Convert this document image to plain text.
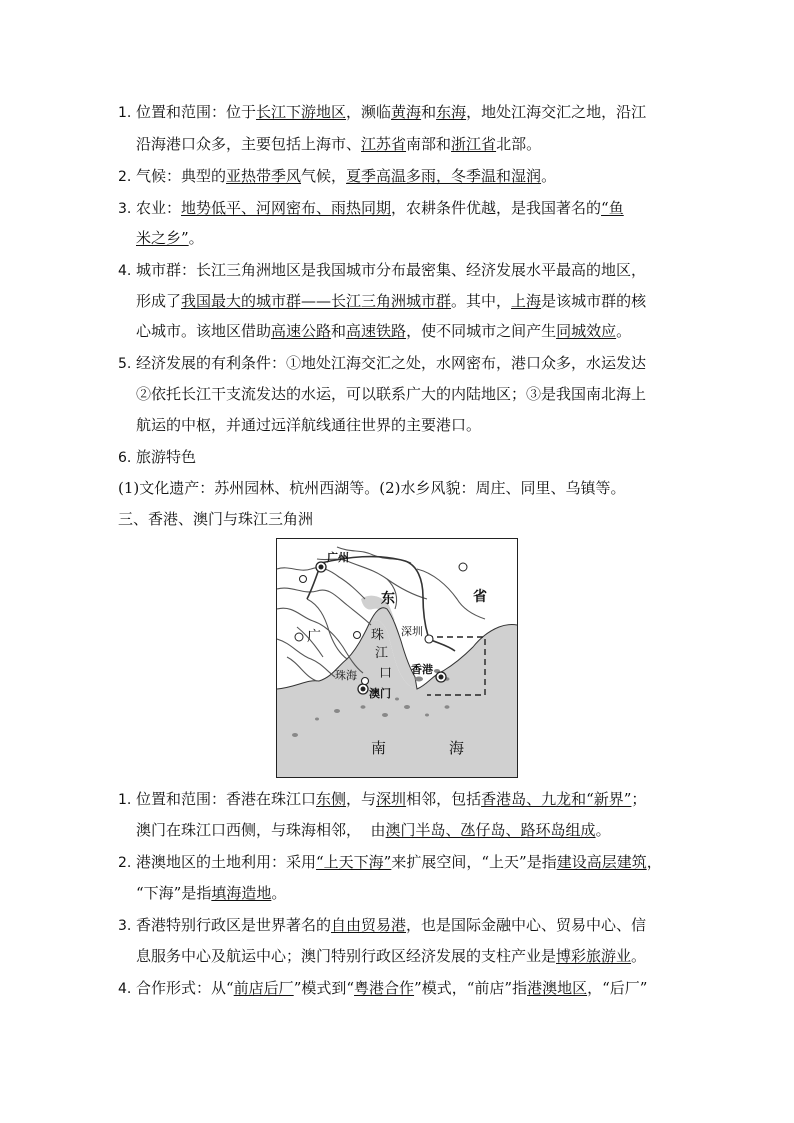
1. 位置和范围：位于长江下游地区，濒临黄海和东海，地处江海交汇之地，沿江
沿海港口众多，主要包括上海市、江苏省南部和浙江省北部。
2. 气候：典型的亚热带季风气候，夏季高温多雨，冬季温和湿润。
3. 农业：地势低平、河网密布、雨热同期，农耕条件优越，是我国著名的“鱼
米之乡”。
4. 城市群：长江三角洲地区是我国城市分布最密集、经济发展水平最高的地区，
形成了我国最大的城市群——长江三角洲城市群。其中，上海是该城市群的核
心城市。该地区借助高速公路和高速铁路，使不同城市之间产生同城效应。
5. 经济发展的有利条件：①地处江海交汇之处，水网密布，港口众多，水运发达
②依托长江干支流发达的水运，可以联系广大的内陆地区；③是我国南北海上
航运的中枢，并通过远洋航线通往世界的主要港口。
6. 旅游特色
(1)文化遗产：苏州园林、杭州西湖等。(2)水乡风貌：周庄、同里、乌镇等。
三、香港、澳门与珠江三角洲
广州
广
东	省
珠
江
口
深圳
珠海	香港
澳门
南	海
1. 位置和范围：香港在珠江口东侧，与深圳相邻，包括香港岛、九龙和“新界”；
澳门在珠江口西侧，与珠海相邻，  由澳门半岛、氹仔岛、路环岛组成。
2. 港澳地区的土地利用：采用“上天下海”来扩展空间，“上天”是指建设高层建筑，
“下海”是指填海造地。
3. 香港特别行政区是世界著名的自由贸易港，也是国际金融中心、贸易中心、信
息服务中心及航运中心；澳门特别行政区经济发展的支柱产业是博彩旅游业。
4. 合作形式：从“前店后厂”模式到“粤港合作”模式，“前店”指港澳地区，“后厂”
